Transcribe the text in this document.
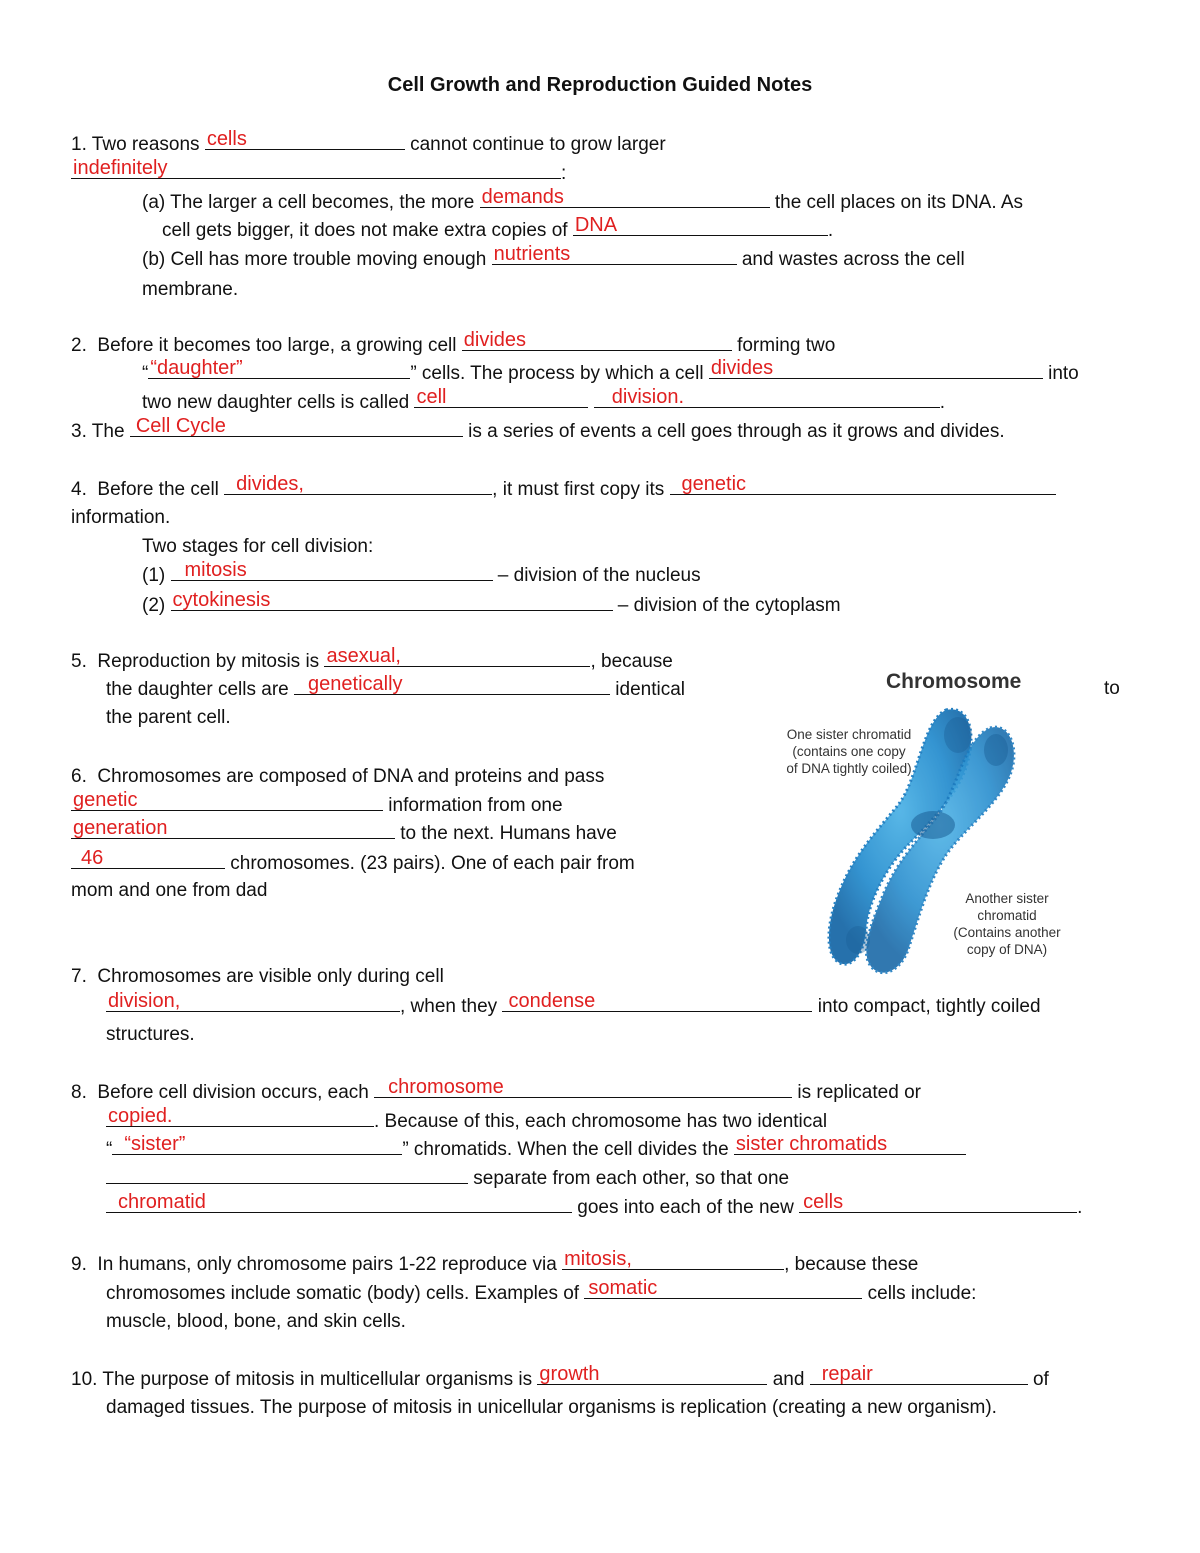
Cell Growth and Reproduction Guided Notes
1. Two reasons cells	cannot continue to grow larger
indefinitely	:
(a) The larger a cell becomes, the more demands	the cell places on its DNA. As
cell gets bigger, it does not make extra copies of DNA	.
(b) Cell has more trouble moving enough nutrients	and wastes across the cell
membrane.
2. Before it becomes too large, a growing cell divides	forming two
“ “daughter”	” cells. The process by which a cell divides	into
two new daughter cells is called cell
	division.	.
3. The Cell Cycle	is a series of events a cell goes through as it grows and divides.
4. Before the cell divides,	, it must first copy its genetic
information.
Two stages for cell division:
(1) mitosis	– division of the nucleus
(2) cytokinesis	– division of the cytoplasm
5. Reproduction by mitosis is asexual,	, because
the daughter cells are genetically	identical	to
the parent cell.
6. Chromosomes are composed of DNA and proteins and pass
genetic	information from one
generation	to the next. Humans have
46	chromosomes. (23 pairs). One of each pair from
mom and one from dad
7. Chromosomes are visible only during cell
division,	, when they condense	into compact, tightly coiled
structures.
8. Before cell division occurs, each chromosome	is replicated or
copied.	. Because of this, each chromosome has two identical
“ “sister”	” chromatids. When the cell divides the sister chromatids
separate from each other, so that one
chromatid	goes into each of the new cells	.
9. In humans, only chromosome pairs 1-22 reproduce via mitosis,	, because these
chromosomes include somatic (body) cells. Examples of somatic	cells include:
muscle, blood, bone, and skin cells.
10. The purpose of mitosis in multicellular organisms is growth	and repair	of
damaged tissues. The purpose of mitosis in unicellular organisms is replication (creating a new organism).
Chromosome
One sister chromatid
(contains one copy
of DNA tightly coiled)
Another sister
chromatid
(Contains another
copy of DNA)
